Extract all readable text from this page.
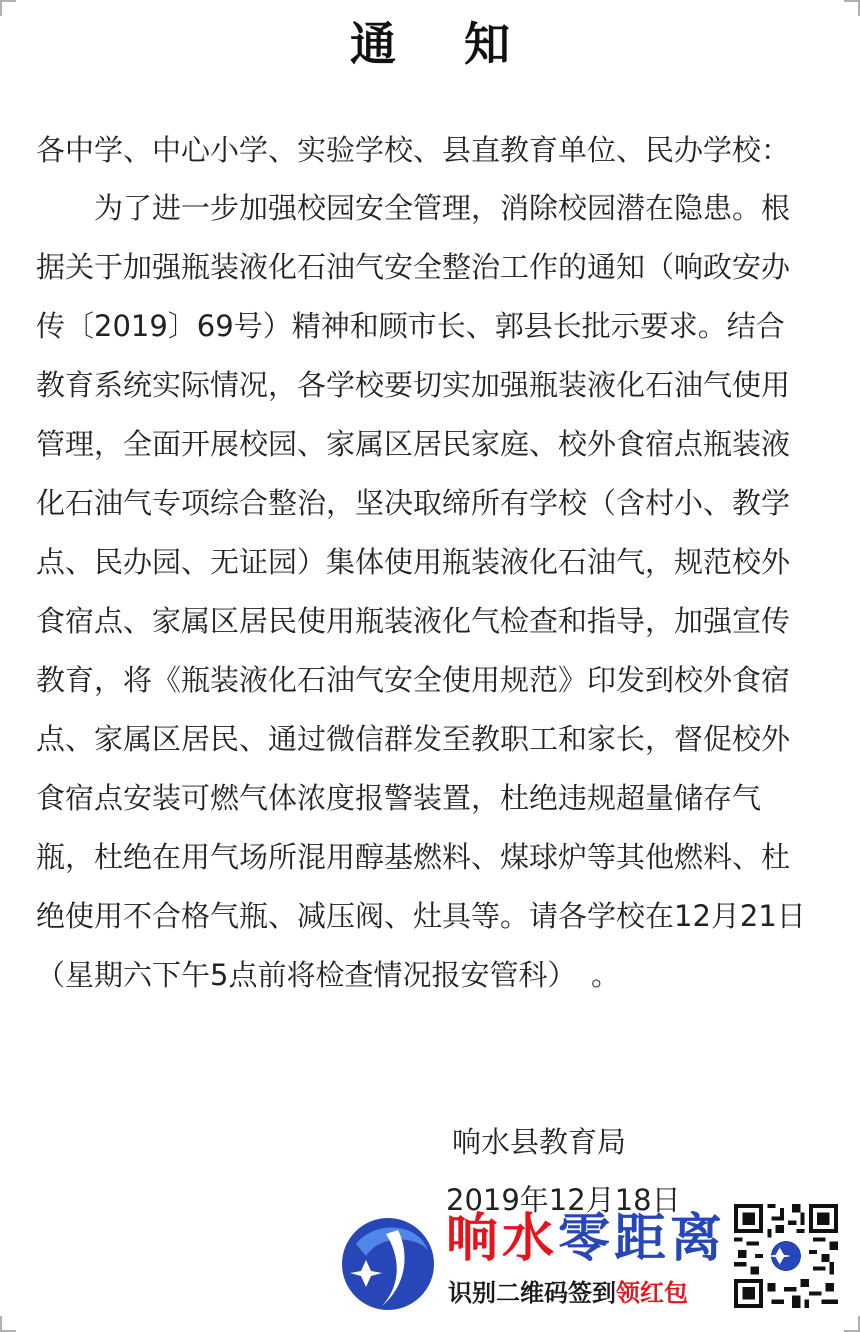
通知
各中学、中心小学、实验学校、县直教育单位、民办学校：
　　为了进一步加强校园安全管理，消除校园潜在隐患。根
据关于加强瓶装液化石油气安全整治工作的通知（响政安办
传〔2019〕69号）精神和顾市长、郭县长批示要求。结合
教育系统实际情况，各学校要切实加强瓶装液化石油气使用
管理，全面开展校园、家属区居民家庭、校外食宿点瓶装液
化石油气专项综合整治，坚决取缔所有学校（含村小、教学
点、民办园、无证园）集体使用瓶装液化石油气，规范校外
食宿点、家属区居民使用瓶装液化气检查和指导，加强宣传
教育，将《瓶装液化石油气安全使用规范》印发到校外食宿
点、家属区居民、通过微信群发至教职工和家长，督促校外
食宿点安装可燃气体浓度报警装置，杜绝违规超量储存气
瓶，杜绝在用气场所混用醇基燃料、煤球炉等其他燃料、杜
绝使用不合格气瓶、减压阀、灶具等。请各学校在12月21日
（星期六下午5点前将检查情况报安管科）　。
响水县教育局
2019年12月18日
响水零距离
识别二维码签到领红包
